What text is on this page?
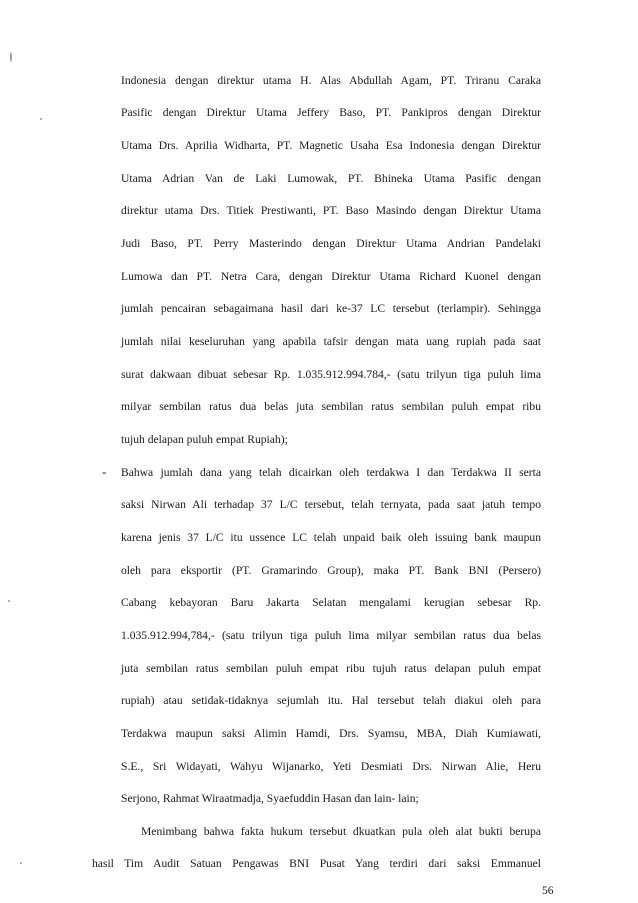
Indonesia dengan direktur utama H. Alas Abdullah Agam, PT. Triranu Caraka
Pasific dengan Direktur Utama Jeffery Baso, PT. Pankipros dengan Direktur
Utama Drs. Aprilia Widharta, PT. Magnetic Usaha Esa Indonesia dengan Direktur
Utama Adrian Van de Laki Lumowak, PT. Bhineka Utama Pasific dengan
direktur utama Drs. Titiek Prestiwanti, PT. Baso Masindo dengan Direktur Utama
Judi Baso, PT. Perry Masterindo dengan Direktur Utama Andrian Pandelaki
Lumowa dan PT. Netra Cara, dengan Direktur Utama Richard Kuonel dengan
jumlah pencairan sebagaimana hasil dari ke-37 LC tersebut (terlampir). Sehingga
jumlah nilai keseluruhan yang apabila tafsir dengan mata uang rupiah pada saat
surat dakwaan dibuat sebesar Rp. 1.035.912.994.784,- (satu trilyun tiga puluh lima
milyar sembilan ratus dua belas juta sembilan ratus sembilan puluh empat ribu
tujuh delapan puluh empat Rupiah);
- Bahwa jumlah dana yang telah dicairkan oleh terdakwa I dan Terdakwa II serta
saksi Nirwan Ali terhadap 37 L/C tersebut, telah ternyata, pada saat jatuh tempo
karena jenis 37 L/C itu ussence LC telah unpaid baik oleh issuing bank maupun
oleh para eksportir (PT. Gramarindo Group), maka PT. Bank BNI (Persero)
Cabang kebayoran Baru Jakarta Selatan mengalami kerugian sebesar Rp.
1.035.912.994,784,- (satu trilyun tiga puluh lima milyar sembilan ratus dua belas
juta sembilan ratus sembilan puluh empat ribu tujuh ratus delapan puluh empat
rupiah) atau setidak-tidaknya sejumlah itu. Hal tersebut telah diakui oleh para
Terdakwa maupun saksi Alimin Hamdi, Drs. Syamsu, MBA, Diah Kumiawati,
S.E., Sri Widayati, Wahyu Wijanarko, Yeti Desmiati Drs. Nirwan Alie, Heru
Serjono, Rahmat Wiraatmadja, Syaefuddin Hasan dan lain- lain;
Menimbang bahwa fakta hukum tersebut dkuatkan pula oleh alat bukti berupa
hasil Tim Audit Satuan Pengawas BNI Pusat Yang terdiri dari saksi Emmanuel
56
